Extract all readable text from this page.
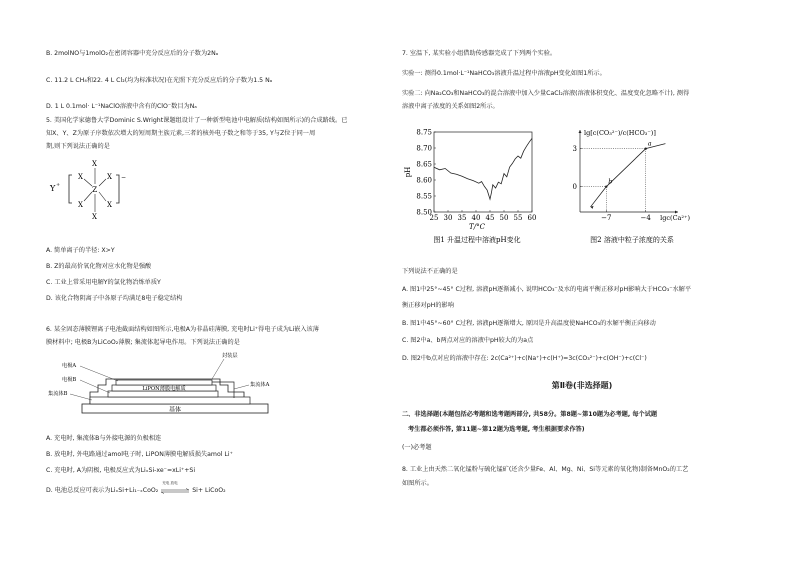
B. 2molNO与1molO₂在密闭容器中充分反应后的分子数为2Nₐ
C. 11.2 L CH₄和22. 4 L Cl₂(均为标准状况)在光照下充分反应后的分子数为1.5 Nₐ
D. 1 L 0.1mol· L⁻¹NaClO溶液中含有的ClO⁻数目为Nₐ
5. 美国化学家德鲁大学Dominic S.Wright课题组设计了一种新型电池中电解质(结构如图所示)的合成路线。已
知X、Y、Z为原子序数依次增大的短周期主族元素,三者的核外电子数之和等于35, Y与Z位于同一周
期,则下列说法正确的是
Y +
−
X
X	X
Z
X	X
X
A. 简单离子的半径: X>Y
B. Z的最高价氧化物对应水化物是强酸
C. 工业上常采用电解Y的氯化物冶炼单质Y
D. 该化合物阴离子中各原子均满足8电子稳定结构
6. 某全固态薄膜锂离子电池截面结构如图所示,电极A为非晶硅薄膜, 充电时Li⁺得电子成为Li嵌入该薄
膜材料中; 电极B为LiCoO₂薄膜; 集流体起导电作用。下列说法正确的是
基体
LiPON薄膜电解质
电极A
电极B
集流体B
封装层
集流体A
A. 充电时, 集流体B与外接电源的负极相连
B. 放电时, 外电路通过amol电子时, LiPON薄膜电解质损失amol Li⁺
C. 充电时, A为阴极, 电极反应式为LiₓSi-xe⁻=xLi⁺+Si
D. 电池总反应可表示为LiₓSi+Li₁₋ₓCoO₂
充电 放电
Si+ LiCoO₂
7. 室温下, 某实验小组借助传感器完成了下列两个实验。
实验一: 测得0.1mol·L⁻¹NaHCO₃溶液升温过程中溶液pH变化如图1所示。
实验二: 向Na₂CO₃和NaHCO₃的混合溶液中加入少量CaCl₂溶液(溶液体积变化、温度变化忽略不计), 测得
溶液中离子浓度的关系如图2所示。
25 30 35 40 45 50 55 60
8.50
8.55
8.60
8.65
8.70
8.75
pH
T/°C
图1 升温过程中溶液pH变化
lg[c(CO₃²⁻)/c(HCO₃⁻)]
0
3
−7	−4 lgc(Ca²⁺)
b
a
图2 溶液中粒子浓度的关系
下列说法不正确的是
A. 图1中25°~45° C过程, 溶液pH逐渐减小, 说明HCO₃⁻及水的电离平衡正移对pH影响大于HCO₃⁻水解平
衡正移对pH的影响
B. 图1中45°~60° C过程, 溶液pH逐渐增大, 原因是升高温度使NaHCO₃的水解平衡正向移动
C. 图2中a、b两点对应的溶液中pH较大的为a点
D. 图2中b点对应的溶液中存在: 2c(Ca²⁺)+c(Na⁺)+c(H⁺)=3c(CO₃²⁻)+c(OH⁻)+c(Cl⁻)
第Ⅱ卷(非选择题)
二、非选择题(本题包括必考题和选考题两部分, 共58分。第8题~第10题为必考题, 每个试题
考生都必须作答, 第11题~第12题为选考题, 考生根据要求作答)
(一)必考题
8. 工业上由天然二氧化锰粉与硫化锰矿(还含少量Fe、Al、Mg、Ni、Si等元素的氧化物)制备MnO₂的工艺
如图所示。
